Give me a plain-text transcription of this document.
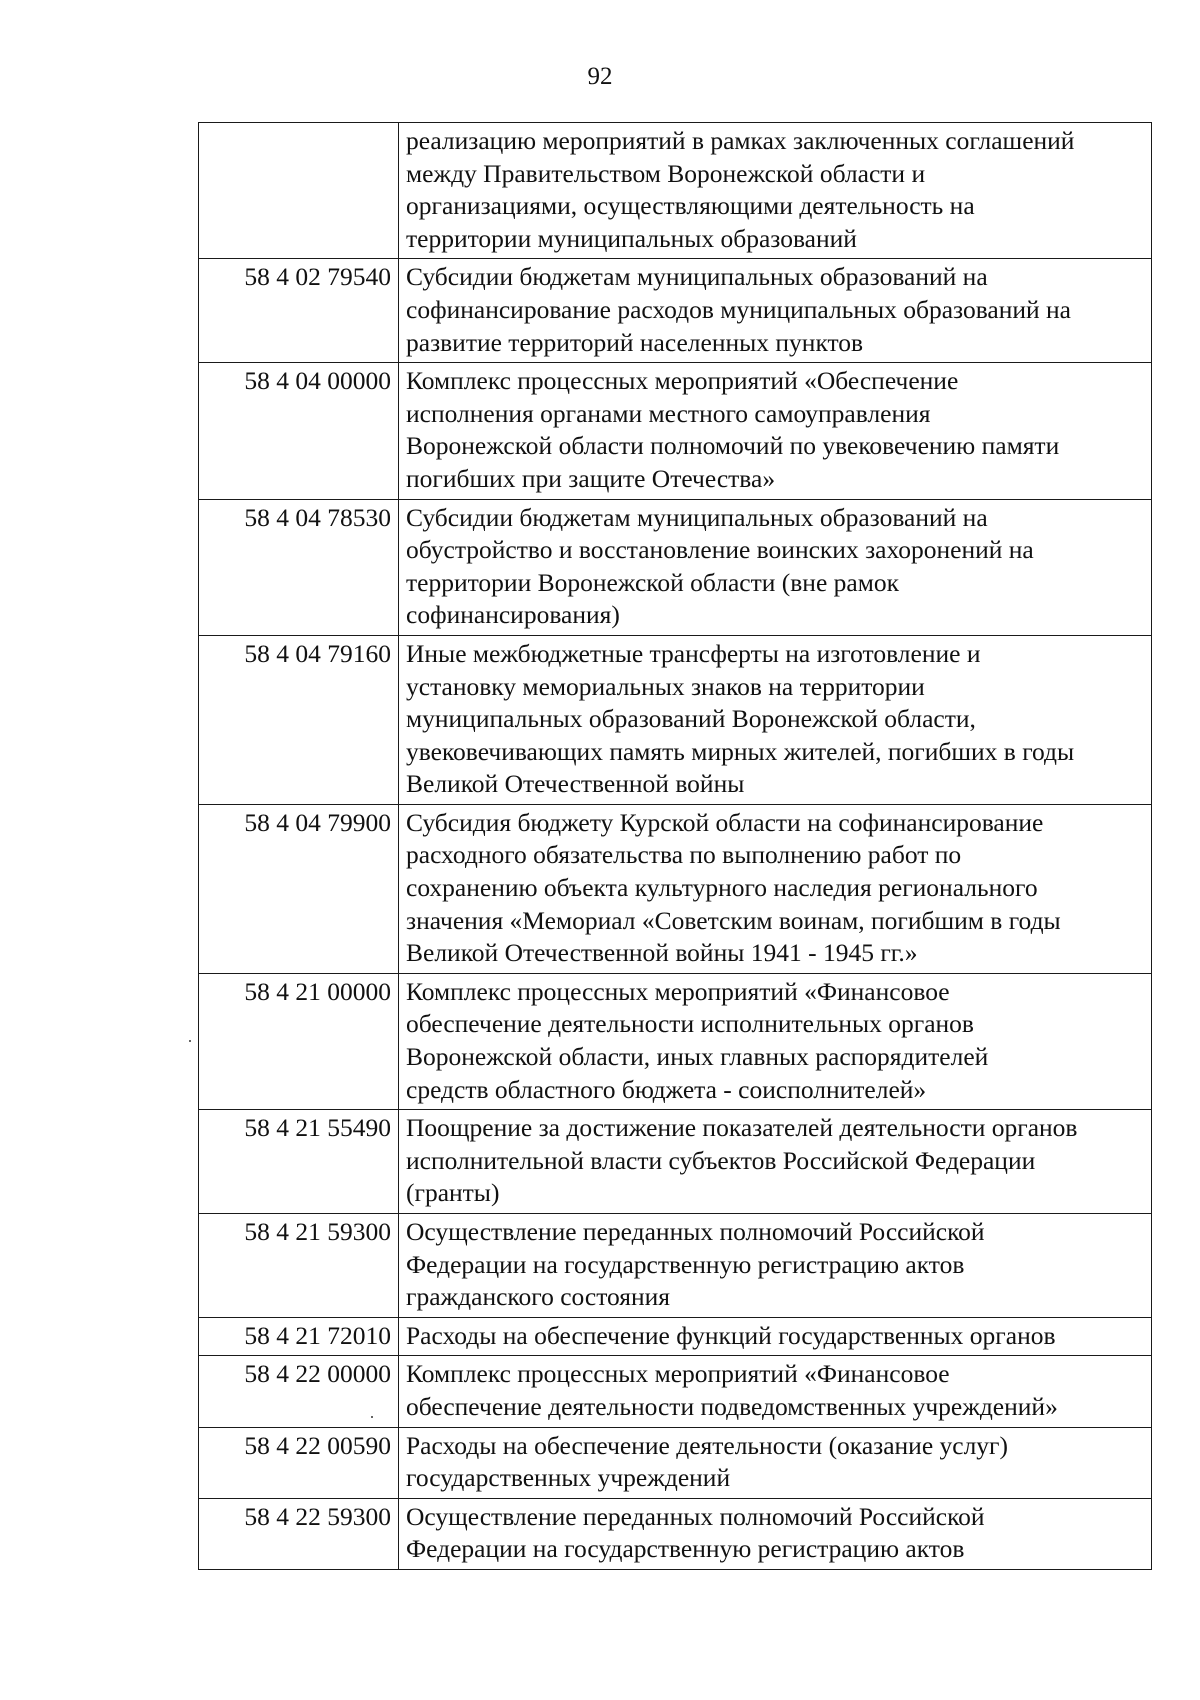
92

	реализацию мероприятий в рамках заключенных соглашений
между Правительством Воронежской области и
организациями, осуществляющими деятельность на
территории муниципальных образований

58 4 02 79540	Субсидии бюджетам муниципальных образований на
софинансирование расходов муниципальных образований на
развитие территорий населенных пунктов

58 4 04 00000	Комплекс процессных мероприятий «Обеспечение
исполнения органами местного самоуправления
Воронежской области полномочий по увековечению памяти
погибших при защите Отечества»

58 4 04 78530	Субсидии бюджетам муниципальных образований на
обустройство и восстановление воинских захоронений на
территории Воронежской области (вне рамок
софинансирования)

58 4 04 79160	Иные межбюджетные трансферты на изготовление и
установку мемориальных знаков на территории
муниципальных образований Воронежской области,
увековечивающих память мирных жителей, погибших в годы
Великой Отечественной войны

58 4 04 79900	Субсидия бюджету Курской области на софинансирование
расходного обязательства по выполнению работ по
сохранению объекта культурного наследия регионального
значения «Мемориал «Советским воинам, погибшим в годы
Великой Отечественной войны 1941 - 1945 гг.»

58 4 21 00000	Комплекс процессных мероприятий «Финансовое
обеспечение деятельности исполнительных органов
Воронежской области, иных главных распорядителей
средств областного бюджета - соисполнителей»

58 4 21 55490	Поощрение за достижение показателей деятельности органов
исполнительной власти субъектов Российской Федерации
(гранты)

58 4 21 59300	Осуществление переданных полномочий Российской
Федерации на государственную регистрацию актов
гражданского состояния

58 4 21 72010	Расходы на обеспечение функций государственных органов

58 4 22 00000	Комплекс процессных мероприятий «Финансовое
обеспечение деятельности подведомственных учреждений»

58 4 22 00590	Расходы на обеспечение деятельности (оказание услуг)
государственных учреждений

58 4 22 59300	Осуществление переданных полномочий Российской
Федерации на государственную регистрацию актов
